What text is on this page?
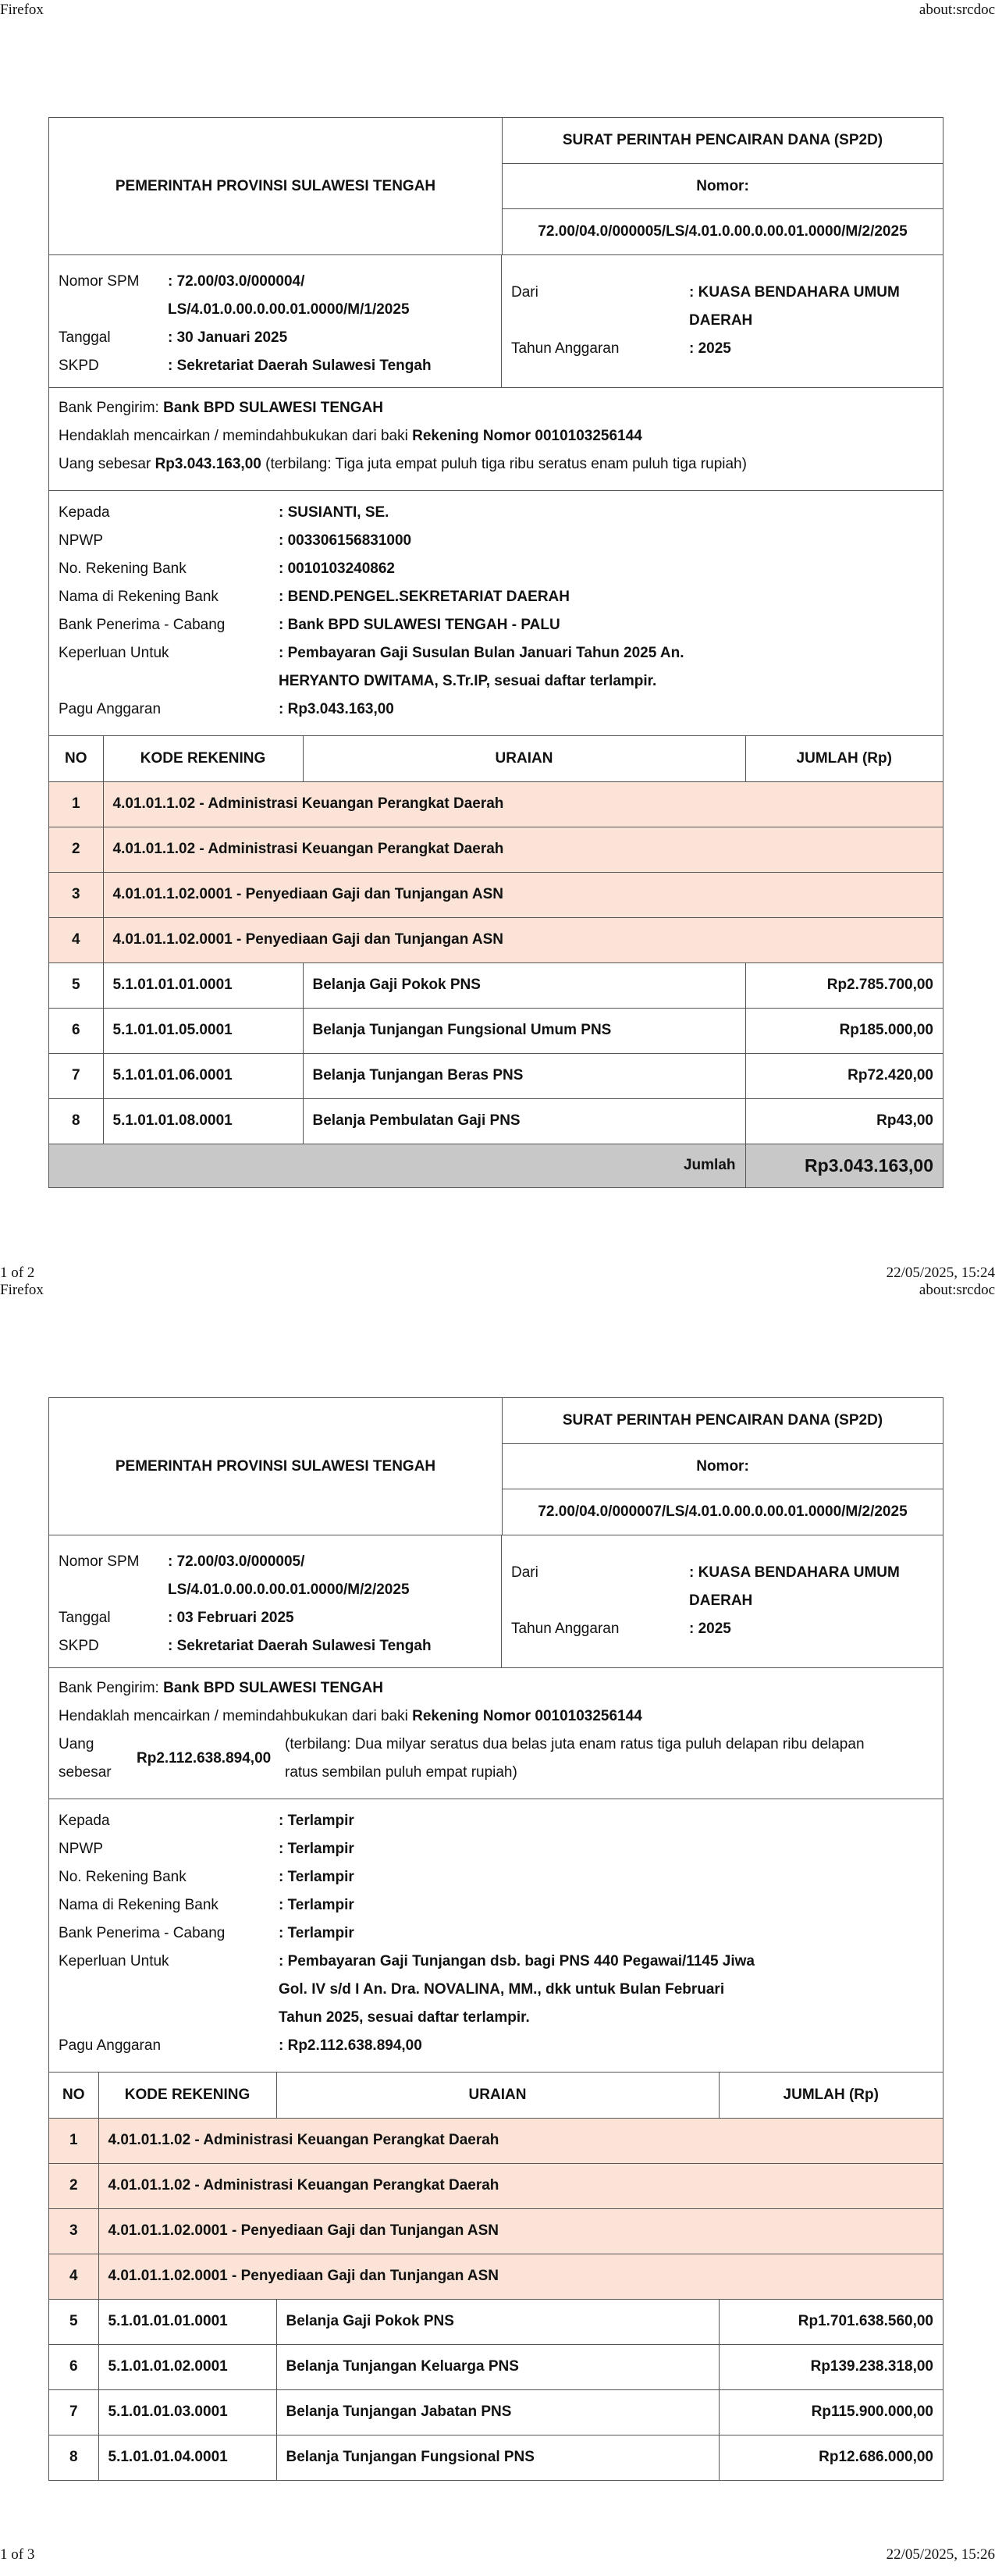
Firefox	about:srcdoc
PEMERINTAH PROVINSI SULAWESI TENGAH
SURAT PERINTAH PENCAIRAN DANA (SP2D)
Nomor:
72.00/04.0/000005/LS/4.01.0.00.0.00.01.0000/M/2/2025
Nomor SPM	: 72.00/03.0/000004/
LS/4.01.0.00.0.00.01.0000/M/1/2025
Tanggal	: 30 Januari 2025
SKPD	: Sekretariat Daerah Sulawesi Tengah
Dari	: KUASA BENDAHARA UMUM
DAERAH
Tahun Anggaran	: 2025
Bank Pengirim: Bank BPD SULAWESI TENGAH
Hendaklah mencairkan / memindahbukukan dari baki Rekening Nomor 0010103256144
Uang sebesar Rp3.043.163,00 (terbilang: Tiga juta empat puluh tiga ribu seratus enam puluh tiga rupiah)
Kepada	: SUSIANTI, SE.
NPWP	: 003306156831000
No. Rekening Bank	: 0010103240862
Nama di Rekening Bank	: BEND.PENGEL.SEKRETARIAT DAERAH
Bank Penerima - Cabang	: Bank BPD SULAWESI TENGAH - PALU
Keperluan Untuk	: Pembayaran Gaji Susulan Bulan Januari Tahun 2025 An.
HERYANTO DWITAMA, S.Tr.IP, sesuai daftar terlampir.
Pagu Anggaran	: Rp3.043.163,00
NO	KODE REKENING	URAIAN	JUMLAH (Rp)
1	4.01.01.1.02 - Administrasi Keuangan Perangkat Daerah		
2	4.01.01.1.02 - Administrasi Keuangan Perangkat Daerah		
3	4.01.01.1.02.0001 - Penyediaan Gaji dan Tunjangan ASN		
4	4.01.01.1.02.0001 - Penyediaan Gaji dan Tunjangan ASN		
5	5.1.01.01.01.0001	Belanja Gaji Pokok PNS	Rp2.785.700,00
6	5.1.01.01.05.0001	Belanja Tunjangan Fungsional Umum PNS	Rp185.000,00
7	5.1.01.01.06.0001	Belanja Tunjangan Beras PNS	Rp72.420,00
8	5.1.01.01.08.0001	Belanja Pembulatan Gaji PNS	Rp43,00
Jumlah			Rp3.043.163,00
1 of 2	22/05/2025, 15:24
Firefox	about:srcdoc
PEMERINTAH PROVINSI SULAWESI TENGAH
SURAT PERINTAH PENCAIRAN DANA (SP2D)
Nomor:
72.00/04.0/000007/LS/4.01.0.00.0.00.01.0000/M/2/2025
Nomor SPM	: 72.00/03.0/000005/
LS/4.01.0.00.0.00.01.0000/M/2/2025
Tanggal	: 03 Februari 2025
SKPD	: Sekretariat Daerah Sulawesi Tengah
Dari	: KUASA BENDAHARA UMUM
DAERAH
Tahun Anggaran	: 2025
Bank Pengirim: Bank BPD SULAWESI TENGAH
Hendaklah mencairkan / memindahbukukan dari baki Rekening Nomor 0010103256144
Uang
sebesar
Rp2.112.638.894,00
(terbilang: Dua milyar seratus dua belas juta enam ratus tiga puluh delapan ribu delapan
ratus sembilan puluh empat rupiah)
Kepada	: Terlampir
NPWP	: Terlampir
No. Rekening Bank	: Terlampir
Nama di Rekening Bank	: Terlampir
Bank Penerima - Cabang	: Terlampir
Keperluan Untuk	: Pembayaran Gaji Tunjangan dsb. bagi PNS 440 Pegawai/1145 Jiwa
Gol. IV s/d I An. Dra. NOVALINA, MM., dkk untuk Bulan Februari
Tahun 2025, sesuai daftar terlampir.
Pagu Anggaran	: Rp2.112.638.894,00
NO	KODE REKENING	URAIAN	JUMLAH (Rp)
1	4.01.01.1.02 - Administrasi Keuangan Perangkat Daerah		
2	4.01.01.1.02 - Administrasi Keuangan Perangkat Daerah		
3	4.01.01.1.02.0001 - Penyediaan Gaji dan Tunjangan ASN		
4	4.01.01.1.02.0001 - Penyediaan Gaji dan Tunjangan ASN		
5	5.1.01.01.01.0001	Belanja Gaji Pokok PNS	Rp1.701.638.560,00
6	5.1.01.01.02.0001	Belanja Tunjangan Keluarga PNS	Rp139.238.318,00
7	5.1.01.01.03.0001	Belanja Tunjangan Jabatan PNS	Rp115.900.000,00
8	5.1.01.01.04.0001	Belanja Tunjangan Fungsional PNS	Rp12.686.000,00
1 of 3	22/05/2025, 15:26
